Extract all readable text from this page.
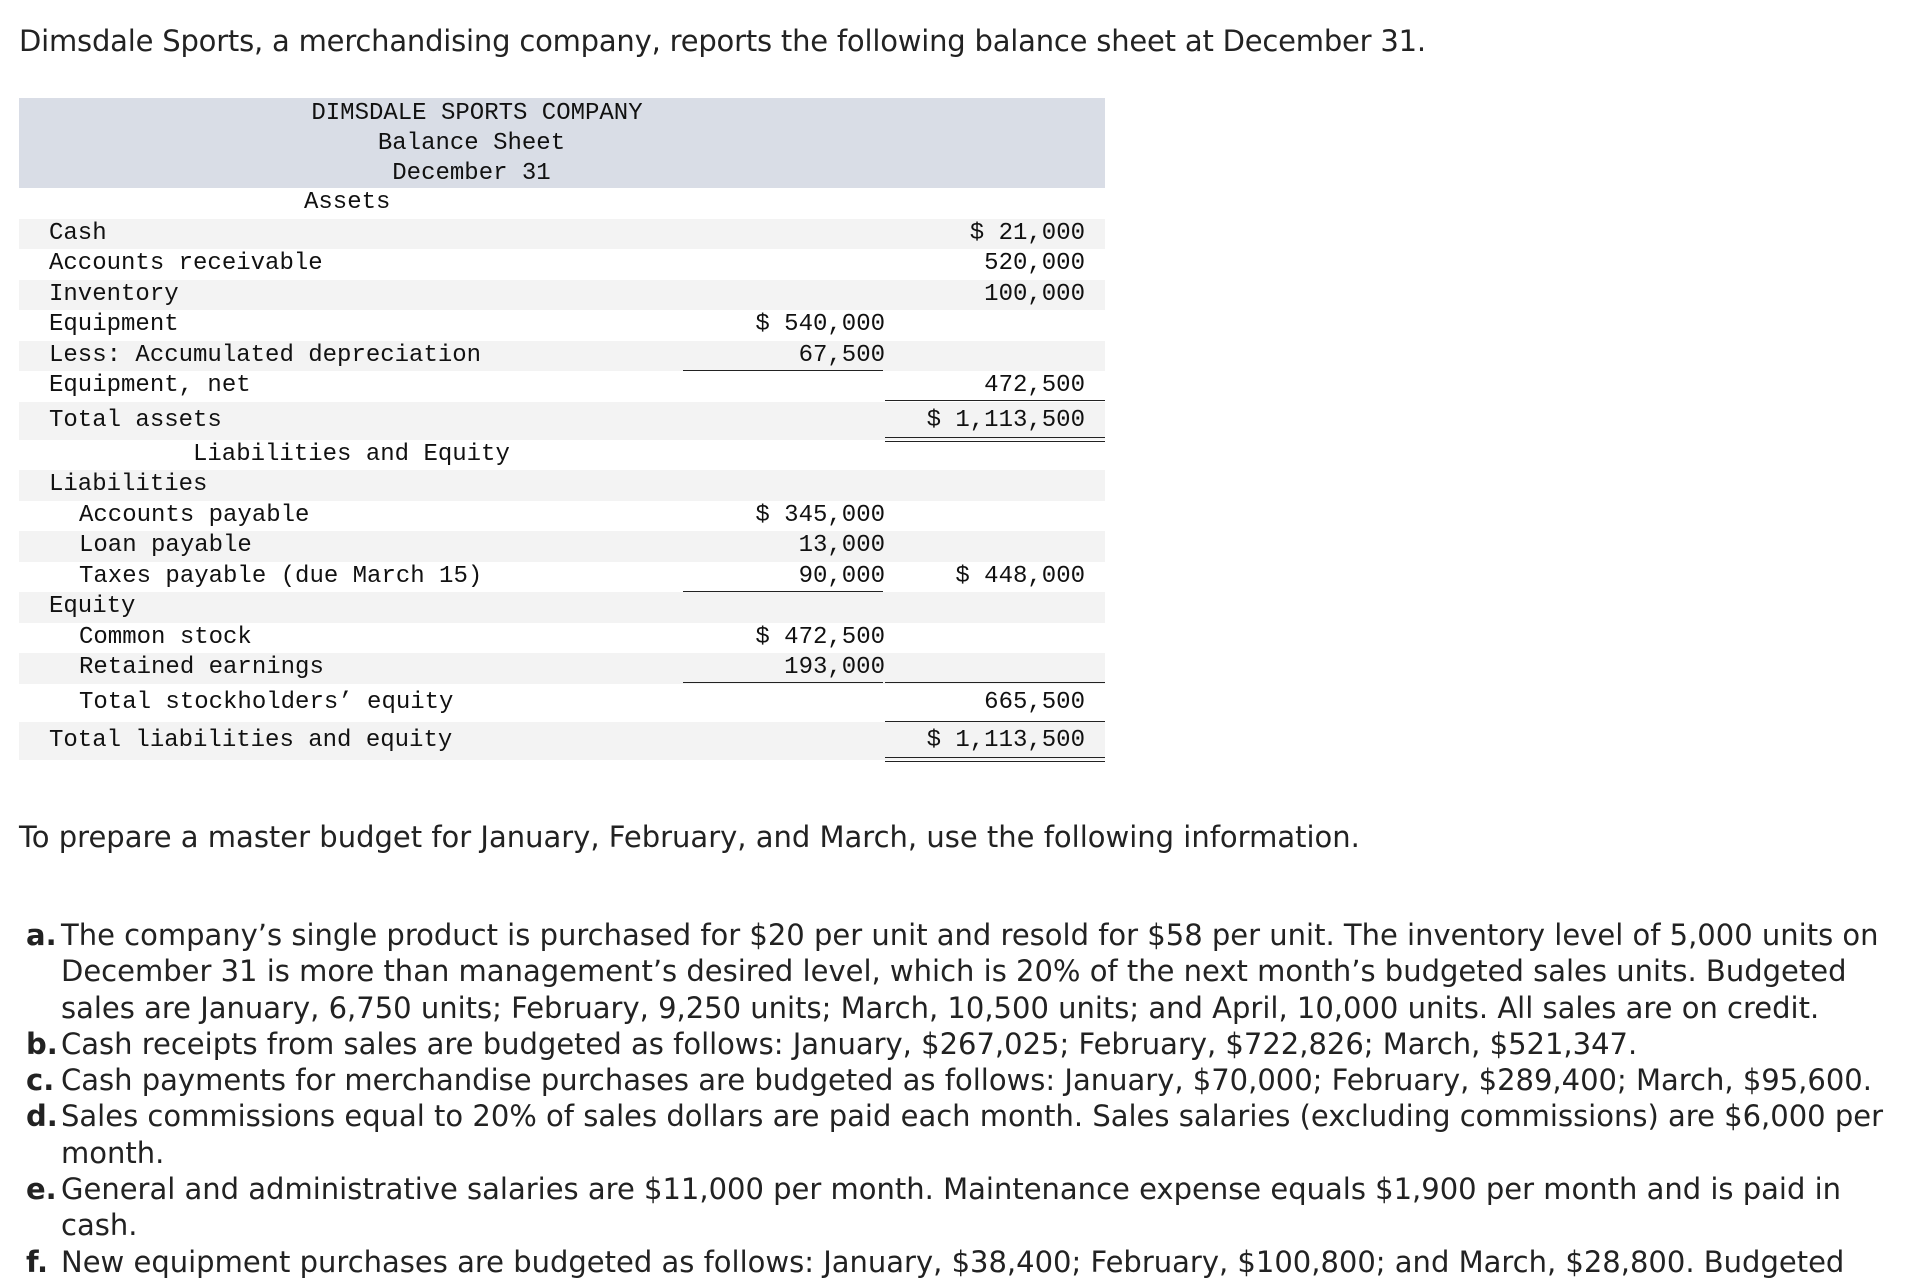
Dimsdale Sports, a merchandising company, reports the following balance sheet at December 31.
DIMSDALE SPORTS COMPANY
Balance Sheet
December 31
Assets
Cash	$ 21,000
Accounts receivable	520,000
Inventory	100,000
Equipment	$ 540,000
Less: Accumulated depreciation	67,500
Equipment, net	472,500
Total assets	$ 1,113,500
Liabilities and Equity
Liabilities
Accounts payable	$ 345,000
Loan payable	13,000
Taxes payable (due March 15)	90,000	$ 448,000
Equity
Common stock	$ 472,500
Retained earnings	193,000
Total stockholders’ equity	665,500
Total liabilities and equity	$ 1,113,500
To prepare a master budget for January, February, and March, use the following information.
a. The company’s single product is purchased for $20 per unit and resold for $58 per unit. The inventory level of 5,000 units on December 31 is more than management’s desired level, which is 20% of the next month’s budgeted sales units. Budgeted sales are January, 6,750 units; February, 9,250 units; March, 10,500 units; and April, 10,000 units. All sales are on credit.
b. Cash receipts from sales are budgeted as follows: January, $267,025; February, $722,826; March, $521,347.
c. Cash payments for merchandise purchases are budgeted as follows: January, $70,000; February, $289,400; March, $95,600.
d. Sales commissions equal to 20% of sales dollars are paid each month. Sales salaries (excluding commissions) are $6,000 per month.
e. General and administrative salaries are $11,000 per month. Maintenance expense equals $1,900 per month and is paid in cash.
f. New equipment purchases are budgeted as follows: January, $38,400; February, $100,800; and March, $28,800. Budgeted
